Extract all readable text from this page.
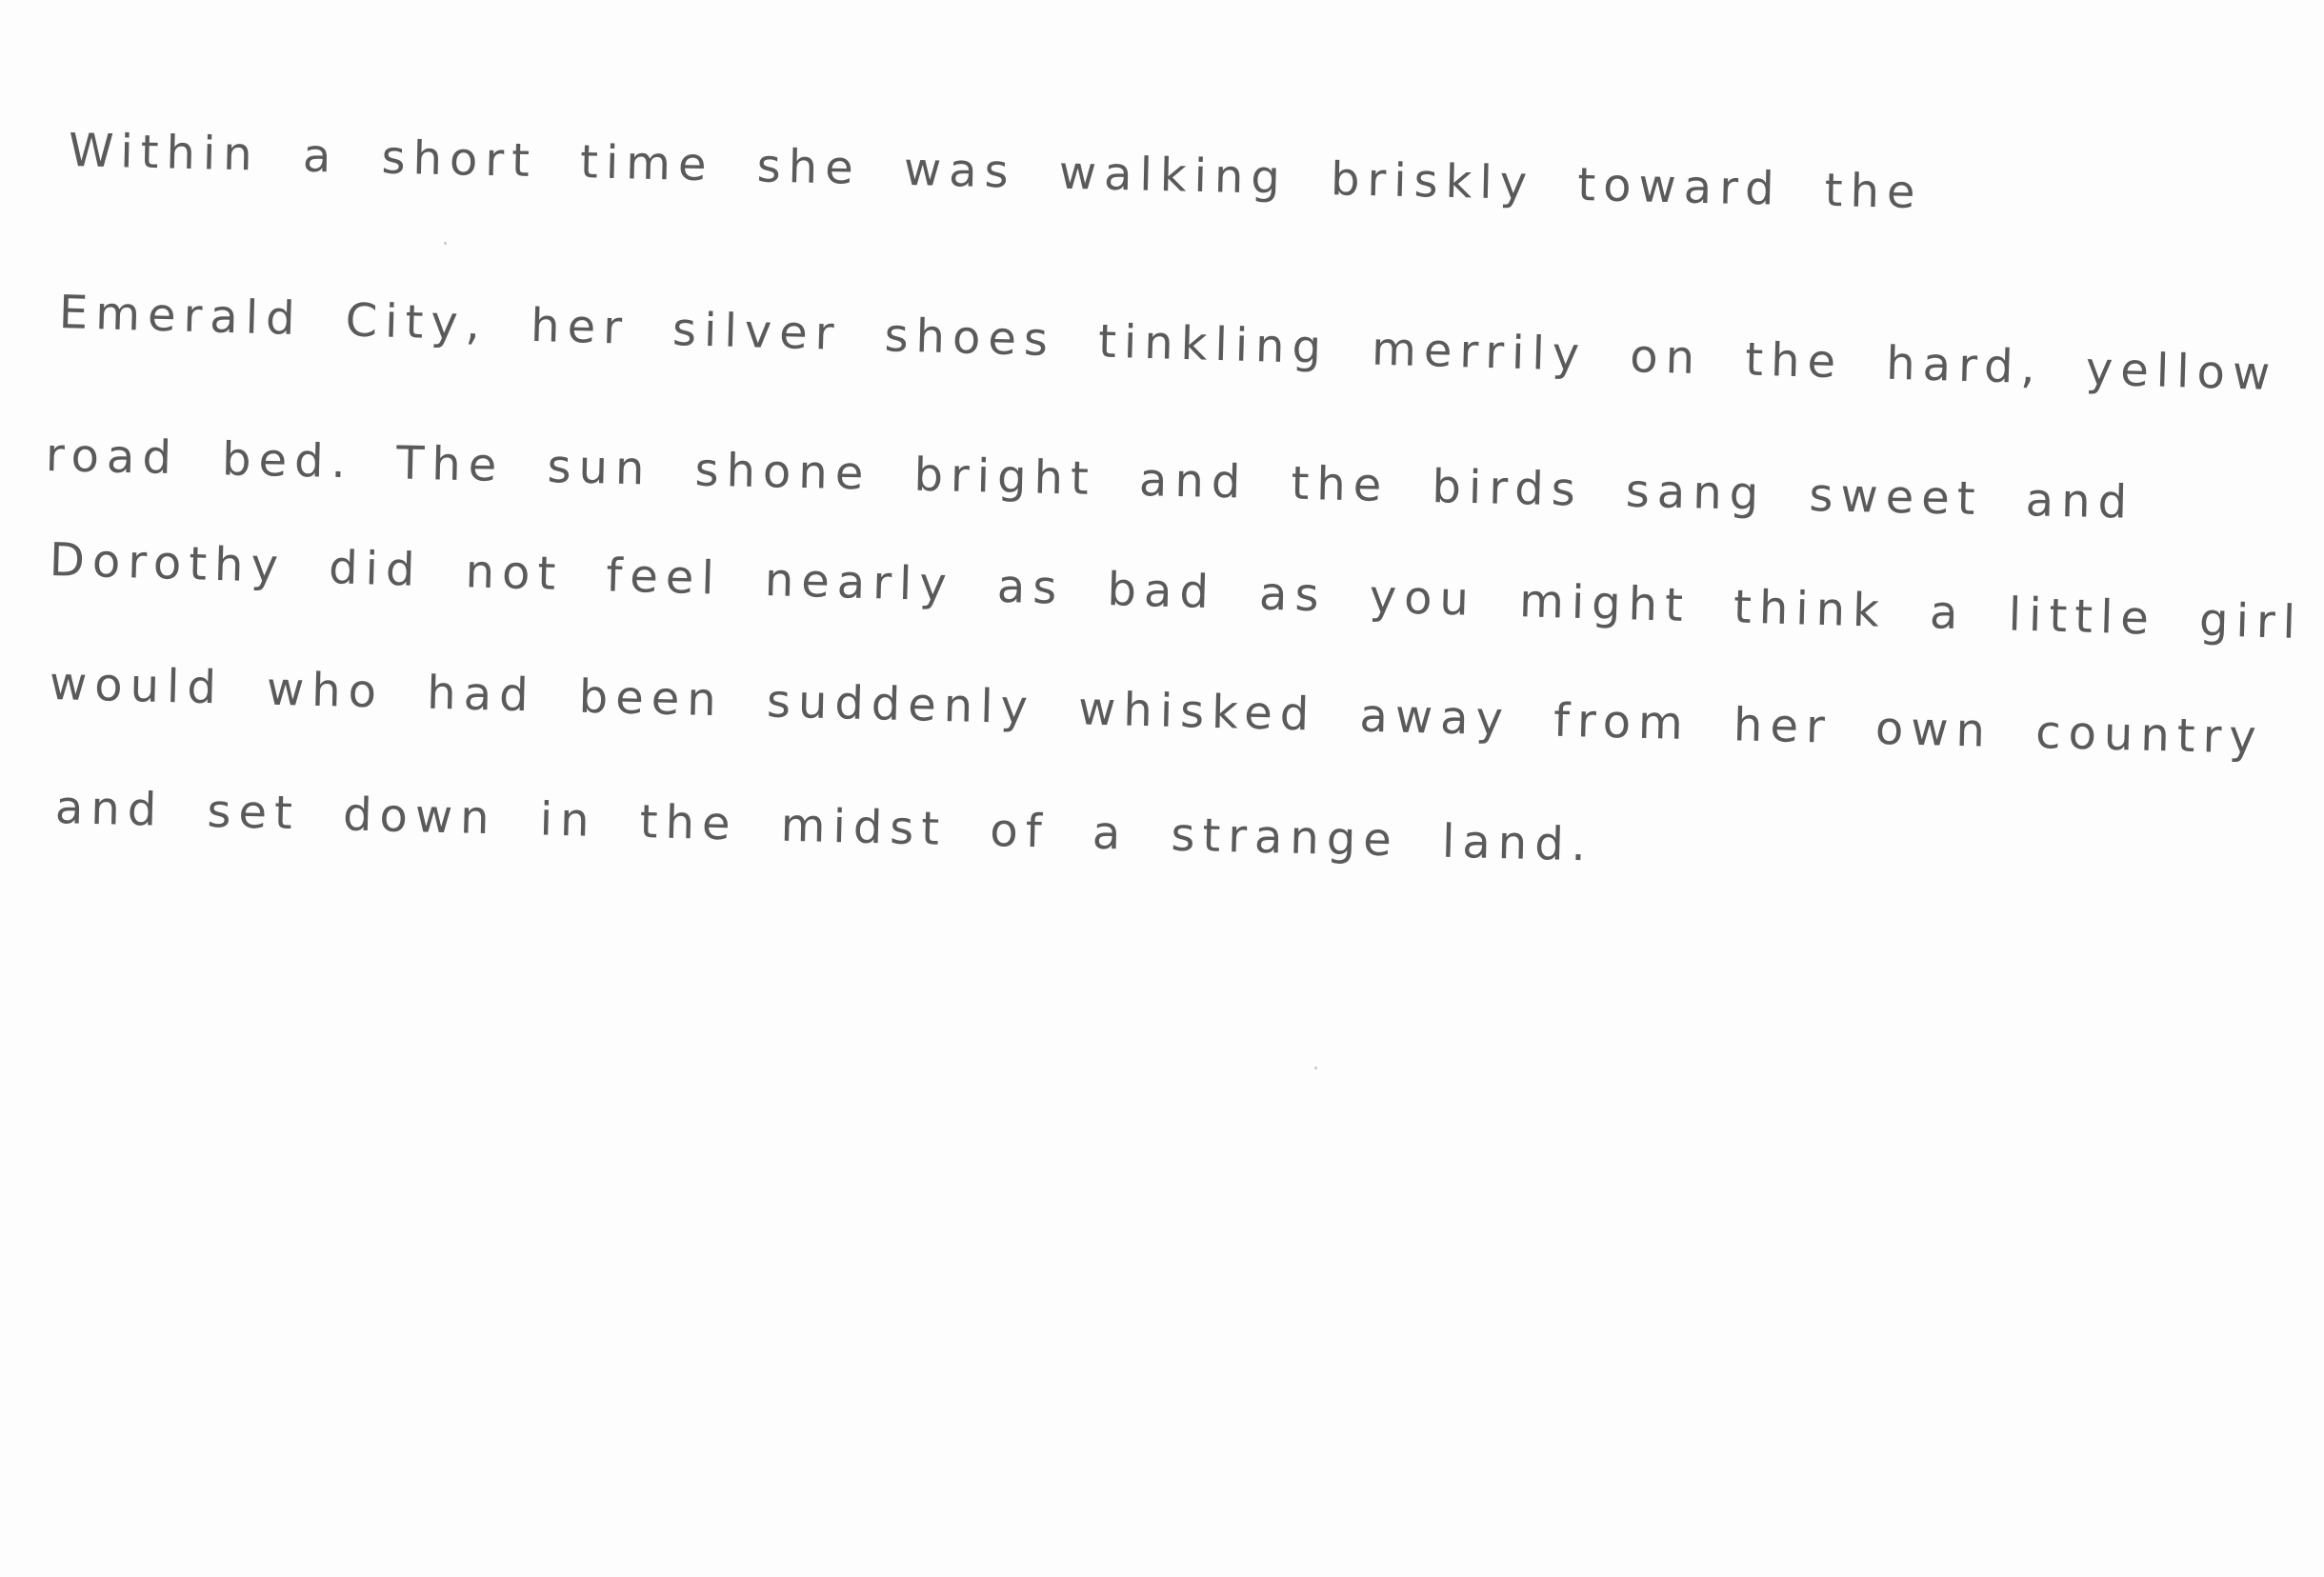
Within a short time she was walking briskly toward the
Emerald City, her silver shoes tinkling merrily on the hard, yellow
road bed. The sun shone bright and the birds sang sweet and
Dorothy did not feel nearly as bad as you might think a little girl
would who had been suddenly whisked away from her own country
and set down in the midst of a strange land.
